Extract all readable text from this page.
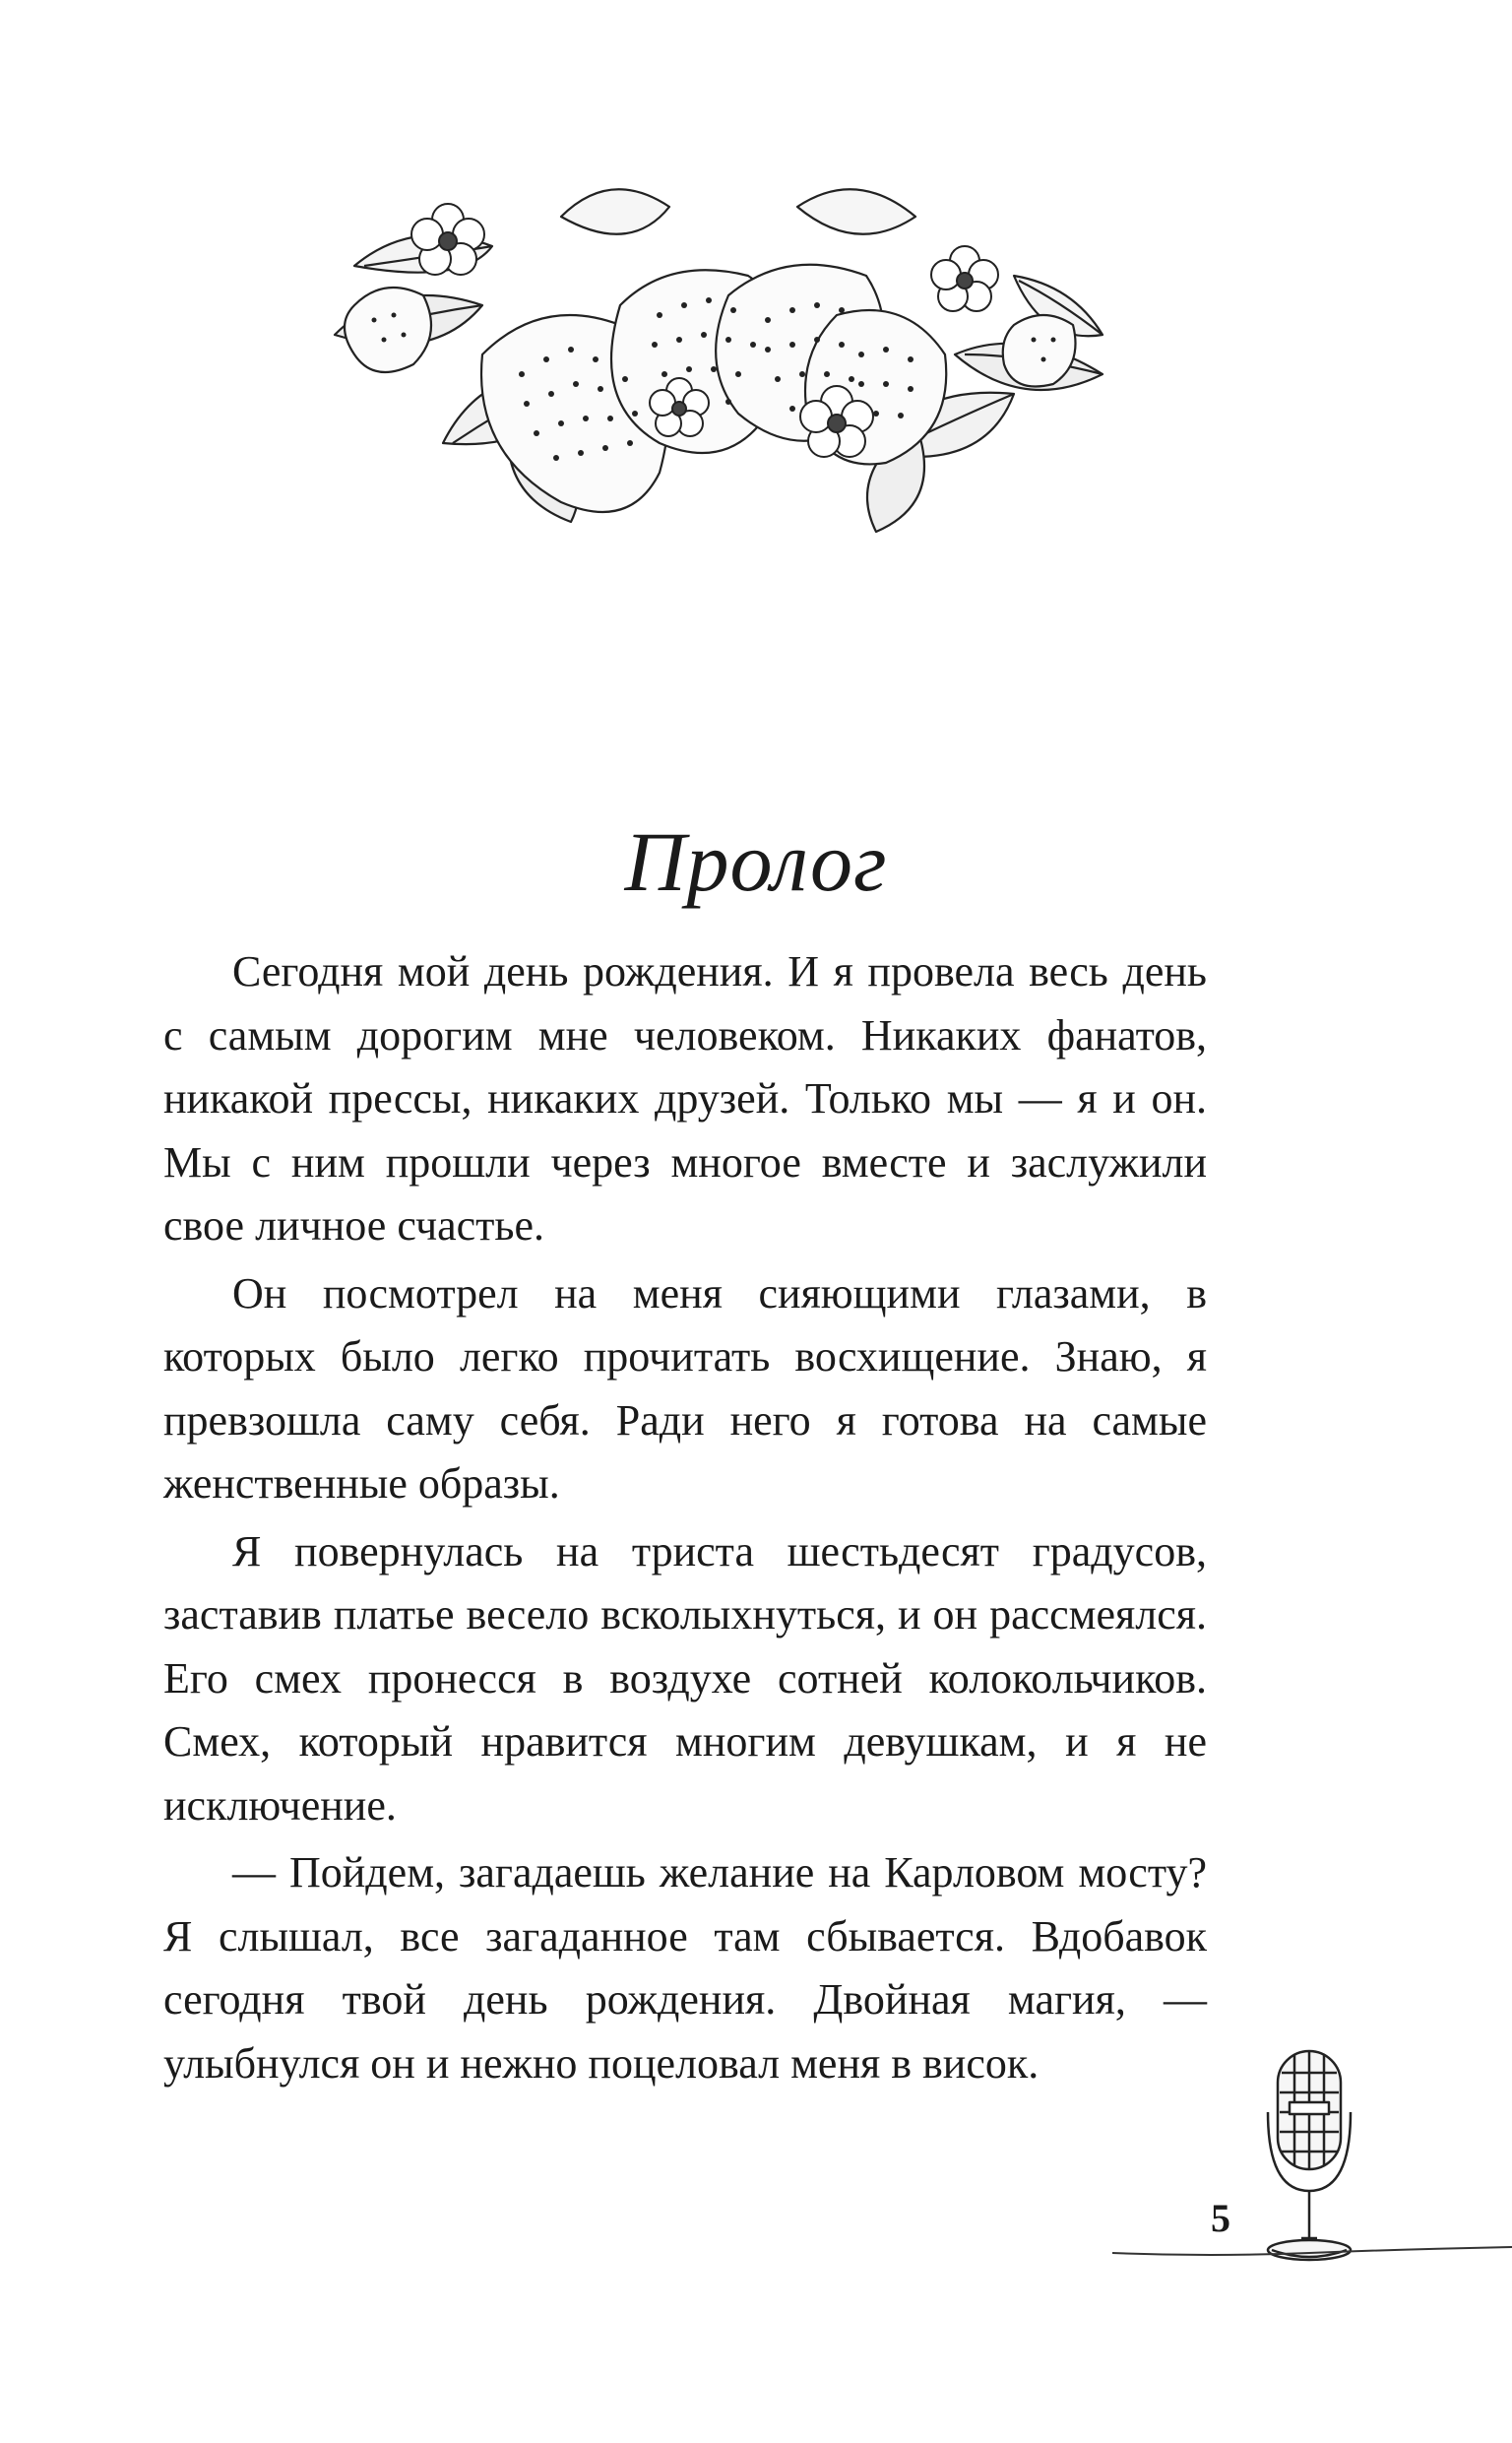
Пролог

Сегодня мой день рождения. И я провела весь день с самым дорогим мне человеком. Никаких фанатов, никакой прессы, никаких друзей. Только мы — я и он. Мы с ним прошли через многое вместе и заслужили свое личное счастье.

Он посмотрел на меня сияющими глазами, в которых было легко прочитать восхищение. Знаю, я превзошла саму себя. Ради него я готова на самые женственные образы.

Я повернулась на триста шестьдесят градусов, заставив платье весело всколыхнуться, и он рассмеялся. Его смех пронесся в воздухе сотней колокольчиков. Смех, который нравится многим девушкам, и я не исключение.

— Пойдем, загадаешь желание на Карловом мосту? Я слышал, все загаданное там сбывается. Вдобавок сегодня твой день рождения. Двойная магия, — улыбнулся он и нежно поцеловал меня в висок.

5
